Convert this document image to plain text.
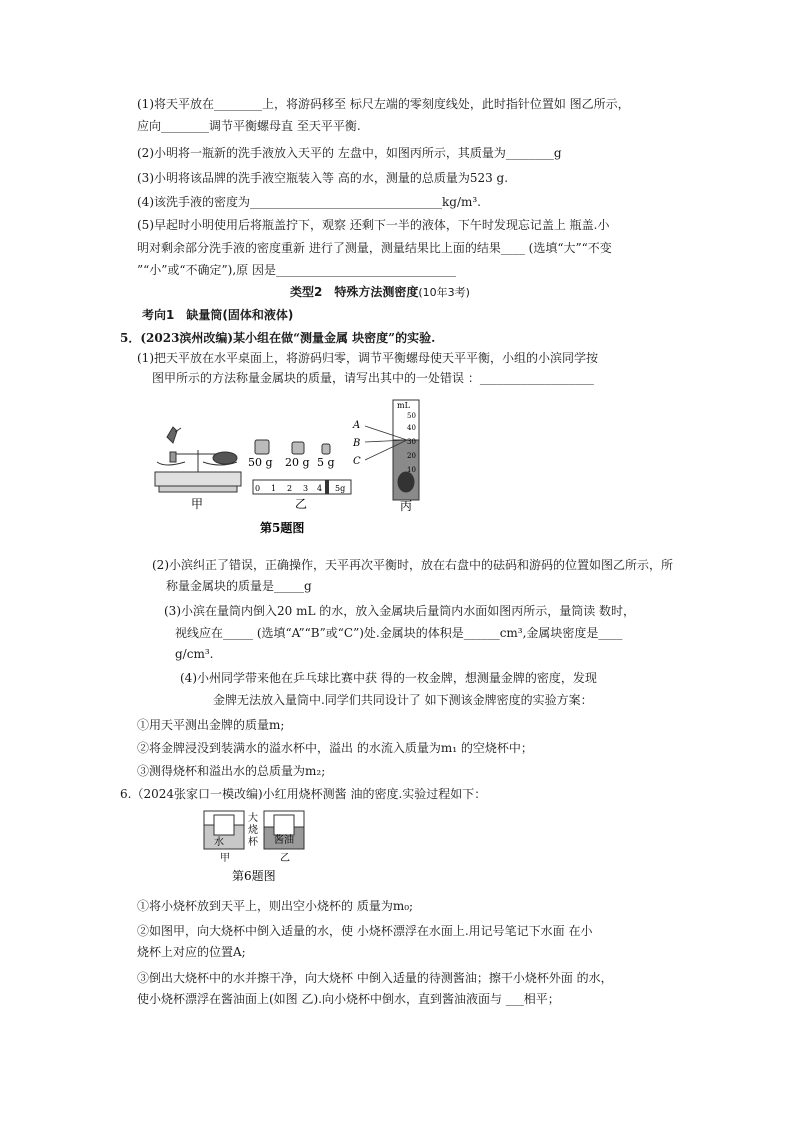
(1)将天平放在________上，将游码移至 标尺左端的零刻度线处，此时指针位置如 图乙所示，
应向________调节平衡螺母直 至天平平衡.
(2)小明将一瓶新的洗手液放入天平的 左盘中，如图丙所示，其质量为________g
(3)小明将该品牌的洗手液空瓶装入等 高的水，测量的总质量为523 g.
(4)该洗手液的密度为________________________________kg/m³.
(5)早起时小明使用后将瓶盖拧下，观察 还剩下一半的液体，下午时发现忘记盖上 瓶盖.小
明对剩余部分洗手液的密度重新 进行了测量，测量结果比上面的结果____ (选填“大”“不变
”“小”或“不确定”),原 因是______________________________
类型2　特殊方法测密度(10年3考)
考向1　缺量筒(固体和液体)
5．(2023滨州改编)某小组在做“测量金属 块密度”的实验.
(1)把天平放在水平桌面上，将游码归零，调节平衡螺母使天平平衡，小组的小滨同学按
图甲所示的方法称量金属块的质量，请写出其中的一处错误 ：___________________
甲
50 g 20 g 5 g
0 1 2 3 4 5g
乙
mL
50
40
30
20
10
A
B
C
丙
第5题图
(2)小滨纠正了错误，正确操作，天平再次平衡时，放在右盘中的砝码和游码的位置如图乙所示，所
称量金属块的质量是_____g
(3)小滨在量筒内倒入20 mL 的水，放入金属块后量筒内水面如图丙所示，量筒读 数时，
视线应在_____ (选填“A”“B”或“C”)处.金属块的体积是______cm³,金属块密度是____
g/cm³.
(4)小州同学带来他在乒乓球比赛中获 得的一枚金牌，想测量金牌的密度，发现
金牌无法放入量筒中.同学们共同设计了 如下测该金牌密度的实验方案：
①用天平测出金牌的质量m;
②将金牌浸没到装满水的溢水杯中，溢出 的水流入质量为m₁ 的空烧杯中；
③测得烧杯和溢出水的总质量为m₂;
6.（2024张家口一模改编)小红用烧杯测酱 油的密度.实验过程如下：
水
大
烧
杯 酱油
甲	乙
第6题图
①将小烧杯放到天平上，则出空小烧杯的 质量为m₀;
②如图甲，向大烧杯中倒入适量的水，使 小烧杯漂浮在水面上.用记号笔记下水面 在小
烧杯上对应的位置A;
③倒出大烧杯中的水并擦干净，向大烧杯 中倒入适量的待测酱油；擦干小烧杯外面 的水，
使小烧杯漂浮在酱油面上(如图 乙).向小烧杯中倒水，直到酱油液面与 ___相平；
